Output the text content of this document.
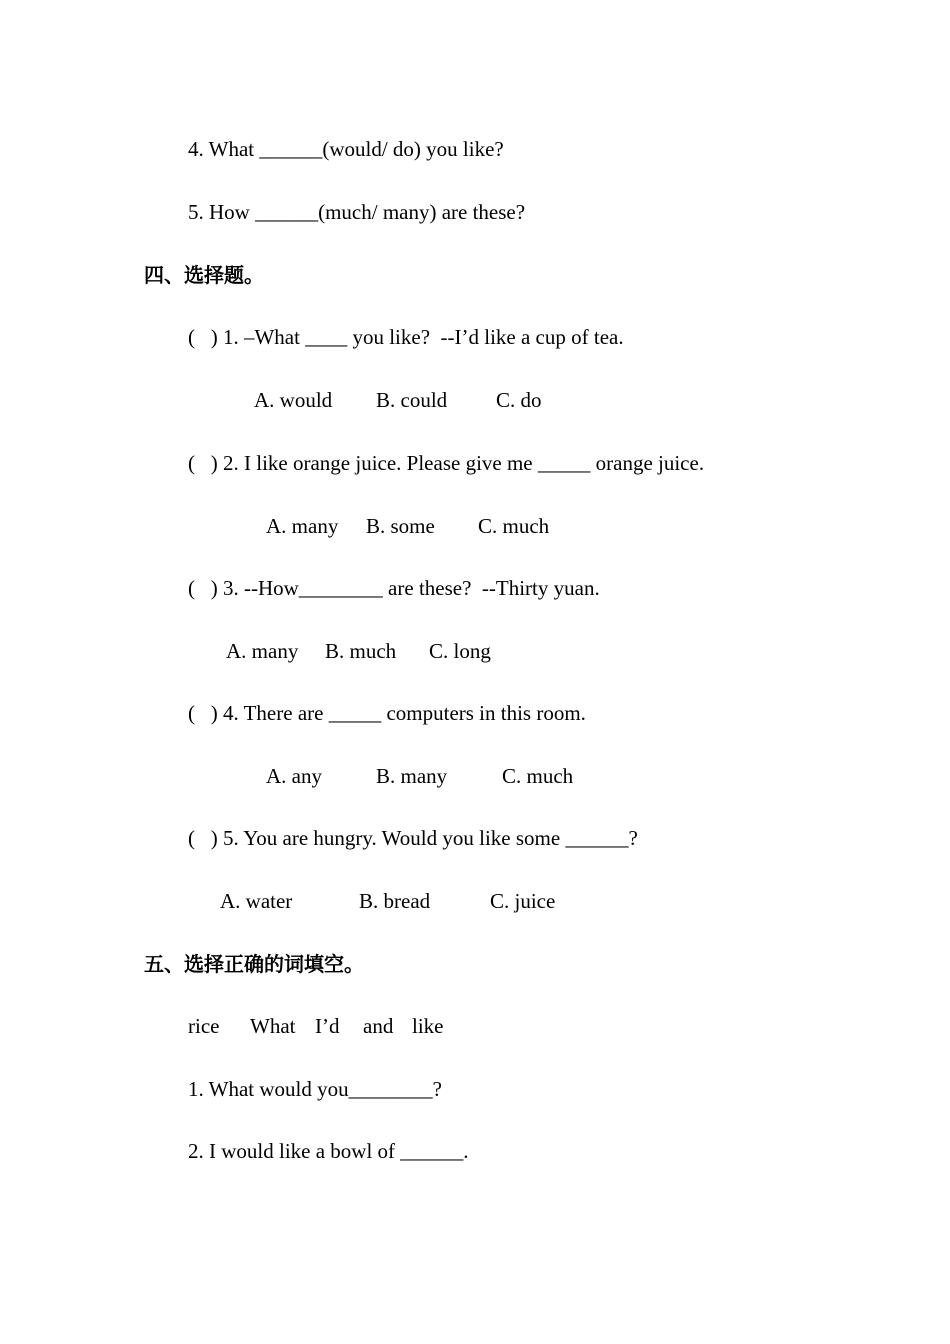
4. What ______(would/ do) you like?
5. How ______(much/ many) are these?
四、选择题。
(   ) 1. –What ____ you like?  --I’d like a cup of tea.
A. would B. could C. do
(   ) 2. I like orange juice. Please give me _____ orange juice.
A. many B. some C. much
(   ) 3. --How________ are these?  --Thirty yuan.
A. many B. much C. long
(   ) 4. There are _____ computers in this room.
A. any	B. many	C. much
(   ) 5. You are hungry. Would you like some ______?
A. water	B. bread	C. juice
五、选择正确的词填空。
rice What I’d and like
1. What would you________?
2. I would like a bowl of ______.
